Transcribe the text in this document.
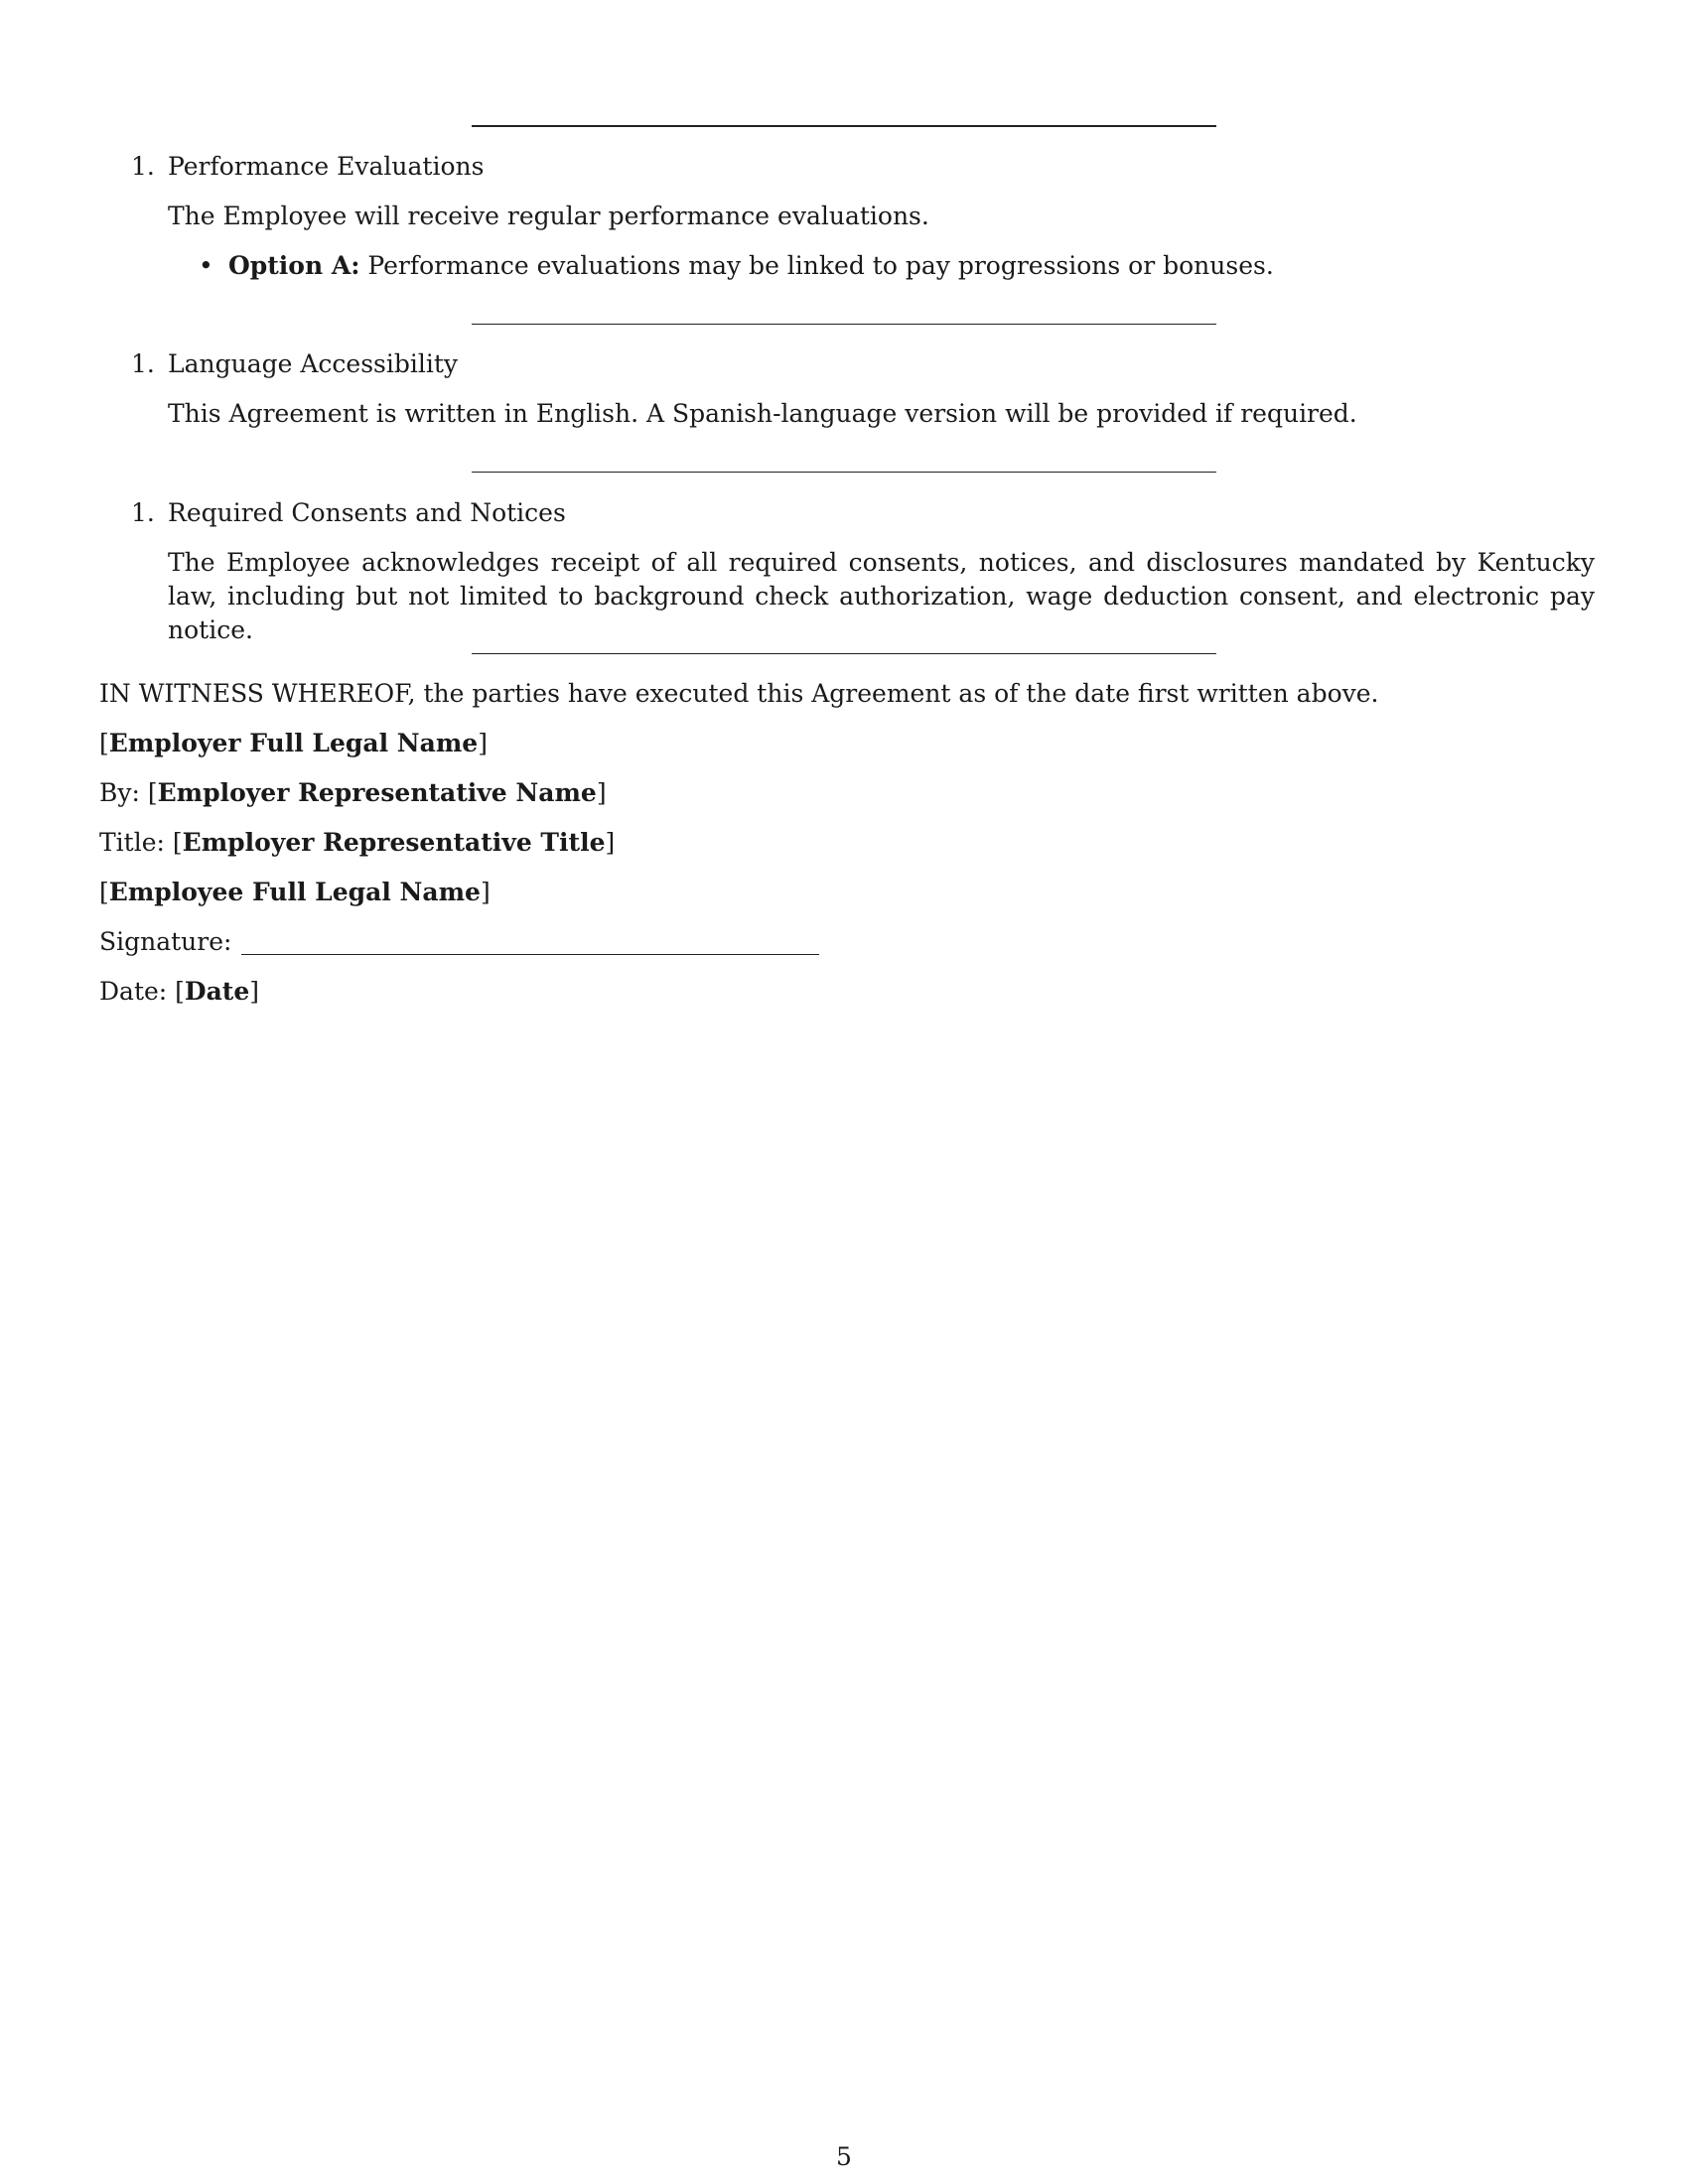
1. Performance Evaluations
The Employee will receive regular performance evaluations.
• Option A: Performance evaluations may be linked to pay progressions or bonuses.
1. Language Accessibility
This Agreement is written in English. A Spanish-language version will be provided if required.
1. Required Consents and Notices
The Employee acknowledges receipt of all required consents, notices, and disclosures mandated by Kentucky law, including but not limited to background check authorization, wage deduction consent, and electronic pay notice.
IN WITNESS WHEREOF, the parties have executed this Agreement as of the date first written above.
[Employer Full Legal Name]
By: [Employer Representative Name]
Title: [Employer Representative Title]
[Employee Full Legal Name]
Signature:
Date: [Date]
5
